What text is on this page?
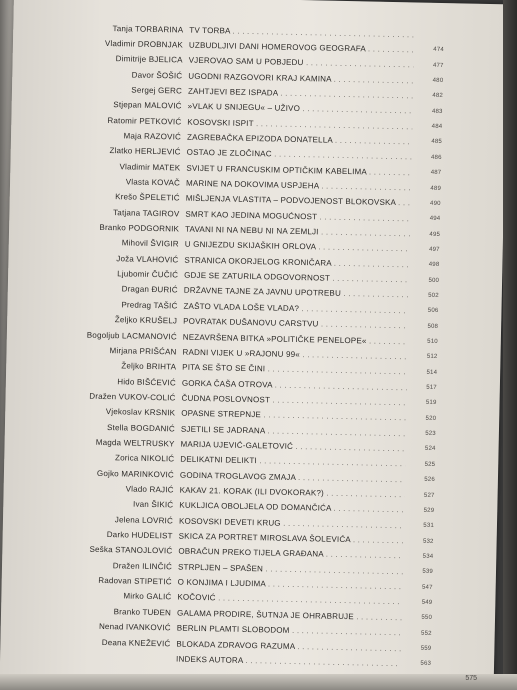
Tanja TORBARINA TV TORBA . . .
Vladimir DROBNJAK UZBUDLJIVI DANI HOMEROVOG GEOGRAFA . . .	474
Dimitrije BJELICA VJEROVAO SAM U POBJEDU . . .	477
Davor ŠOŠIĆ UGODNI RAZGOVORI KRAJ KAMINA . . .	480
Sergej GERC ZAHTJEVI BEZ ISPADA . . .	482
Stjepan MALOVIĆ »VLAK U SNIJEGU« – UŽIVO . . .	483
Ratomir PETKOVIĆ KOSOVSKI ISPIT . . .	484
Maja RAZOVIĆ ZAGREBAČKA EPIZODA DONATELLA . . .	485
Zlatko HERLJEVIĆ OSTAO JE ZLOČINAC . . .	486
Vladimir MATEK SVIJET U FRANCUSKIM OPTIČKIM KABELIMA . . .	487
Vlasta KOVAČ MARINE NA DOKOVIMA USPJEHA . . .	489
Krešo ŠPELETIĆ MIŠLJENJA VLASTITA – PODVOJENOST BLOKOVSKA . . .	490
Tatjana TAGIROV SMRT KAO JEDINA MOGUĆNOST . . .	494
Branko PODGORNIK TAVANI NI NA NEBU NI NA ZEMLJI . . .	495
Mihovil ŠVIGIR U GNIJEZDU SKIJAŠKIH ORLOVA . . .	497
Joža VLAHOVIĆ STRANICA OKORJELOG KRONIČARA . . .	498
Ljubomir ČUČIĆ GDJE SE ZATURILA ODGOVORNOST . . .	500
Dragan ĐURIĆ DRŽAVNE TAJNE ZA JAVNU UPOTREBU . . .	502
Predrag TAŠIĆ ZAŠTO VLADA LOŠE VLADA? . . .	506
Željko KRUŠELJ POVRATAK DUŠANOVU CARSTVU . . .	508
Bogoljub LACMANOVIĆ NEZAVRŠENA BITKA »POLITIČKE PENELOPE« . . .	510
Mirjana PRIŠĆAN RADNI VIJEK U »RAJONU 99« . . .	512
Željko BRIHTA PITA SE ŠTO SE ČINI . . .	514
Hido BIŠĆEVIĆ GORKA ČAŠA OTROVA . . .	517
Dražen VUKOV-COLIĆ ČUDNA POSLOVNOST . . .	519
Vjekoslav KRSNIK OPASNE STREPNJE . . .	520
Stella BOGDANIĆ SJETILI SE JADRANA . . .	523
Magda WELTRUSKY MARIJA UJEVIĆ-GALETOVIĆ . . .	524
Zorica NIKOLIĆ DELIKATNI DELIKTI . . .	525
Gojko MARINKOVIĆ GODINA TROGLAVOG ZMAJA . . .	526
Vlado RAJIĆ KAKAV 21. KORAK (ILI DVOKORAK?) . . .	527
Ivan ŠIKIĆ KUKLJICA OBOLJELA OD DOMANČIĆA . . .	529
Jelena LOVRIĆ KOSOVSKI DEVETI KRUG . . .	531
Darko HUDELIST SKICA ZA PORTRET MIROSLAVA ŠOLEVIĆA . . .	532
Seška STANOJLOVIĆ OBRAČUN PREKO TIJELA GRAĐANA . . .	534
Dražen ILINČIĆ STRPLJEN – SPAŠEN . . .	539
Radovan STIPETIĆ O KONJIMA I LJUDIMA . . .	547
Mirko GALIĆ KOČOVIĆ . . .	549
Branko TUĐEN GALAMA PRODIRE, ŠUTNJA JE OHRABRUJE . . .	550
Nenad IVANKOVIĆ BERLIN PLAMTI SLOBODOM . . .	552
Deana KNEŽEVIĆ BLOKADA ZDRAVOG RAZUMA . . .	559
INDEKS AUTORA . . .	563
575
